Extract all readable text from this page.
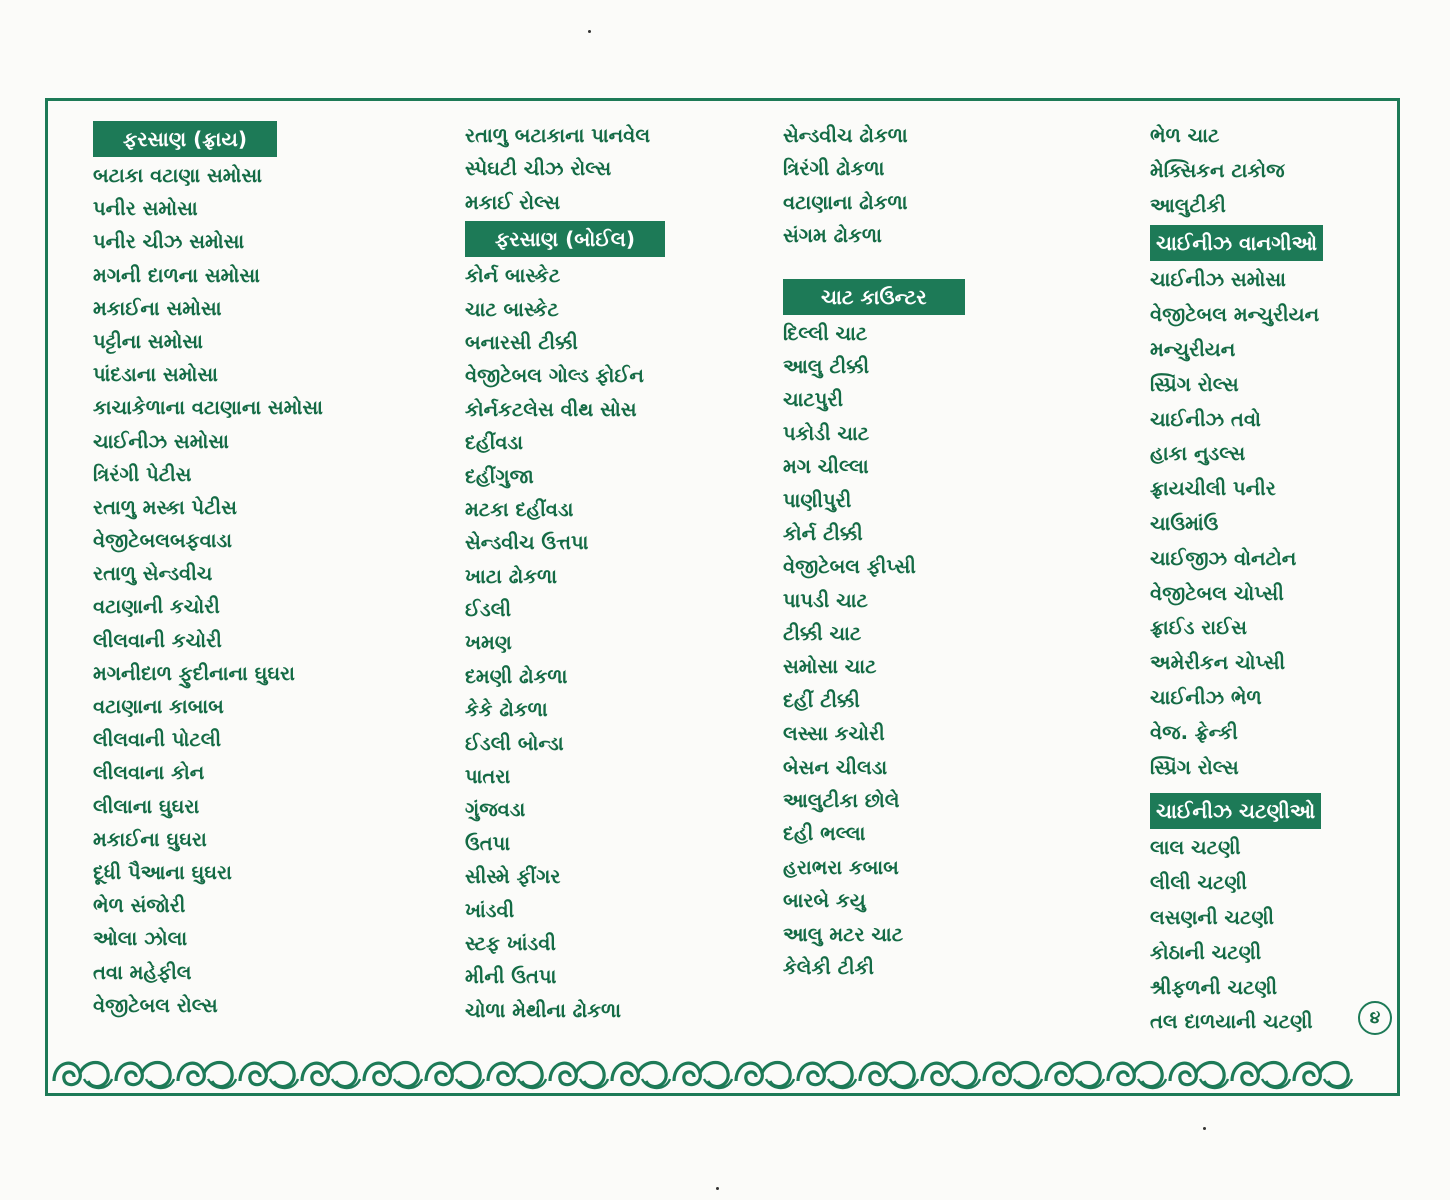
ફરસાણ (ફ્રાય)
બટાકા વટાણા સમોસા
પનીર સમોસા
પનીર ચીઝ સમોસા
મગની દાળના સમોસા
મકાઈના સમોસા
પટ્ટીના સમોસા
પાંદડાના સમોસા
કાચાકેળાના વટાણાના સમોસા
ચાઈનીઝ સમોસા
ત્રિરંગી પેટીસ
રતાળુ મસ્કા પેટીસ
વેજીટેબલબફવાડા
રતાળુ સેન્ડવીચ
વટાણાની કચોરી
લીલવાની કચોરી
મગનીદાળ ફુદીનાના ઘુઘરા
વટાણાના કાબાબ
લીલવાની પોટલી
લીલવાના કોન
લીલાના ઘુઘરા
મકાઈના ઘુઘરા
દૂધી પૈઆના ઘુઘરા
ભેળ સંજોરી
ઓલા ઝોલા
તવા મહેફીલ
વેજીટેબલ રોલ્સ
રતાળુ બટાકાના પાનવેલ
સ્પેઘટી ચીઝ રોલ્સ
મકાઈ રોલ્સ
ફરસાણ (બોઈલ)
કોર્ન બાસ્કેટ
ચાટ બાસ્કેટ
બનારસી ટીક્કી
વેજીટેબલ ગોલ્ડ ફોઈન
કોર્નકટલેસ વીથ સોસ
દહીંવડા
દહીંગુજા
મટકા દહીંવડા
સેન્ડવીચ ઉત્તપા
ખાટા ઢોકળા
ઈડલી
ખમણ
દમણી ઢોકળા
કેકે ઢોકળા
ઈડલી બોન્ડા
પાતરા
ગુંજવડા
ઉતપા
સીસ્મે ફીંગર
ખાંડવી
સ્ટફ ખાંડવી
મીની ઉતપા
ચોળા મેથીના ઢોકળા
સેન્ડવીચ ઢોકળા
ત્રિરંગી ઢોકળા
વટાણાના ઢોકળા
સંગમ ઢોકળા
ચાટ કાઉન્ટર
દિલ્લી ચાટ
આલુ ટીક્કી
ચાટપુરી
પકોડી ચાટ
મગ ચીલ્લા
પાણીપુરી
કોર્ન ટીક્કી
વેજીટેબલ ફીપ્સી
પાપડી ચાટ
ટીક્કી ચાટ
સમોસા ચાટ
દહીં ટીક્કી
લસ્સા કચોરી
બેસન ચીલડા
આલુટીકા છોલે
દહી ભલ્લા
હરાભરા કબાબ
બારબે કયુ
આલુ મટર ચાટ
કેલેકી ટીકી
ભેળ ચાટ
મેક્સિકન ટાકોજ
આલુટીકી
ચાઈનીઝ વાનગીઓ
ચાઈનીઝ સમોસા
વેજીટેબલ મન્ચુરીયન
મન્ચુરીયન
સ્પ્રિંગ રોલ્સ
ચાઈનીઝ તવો
હાકા નુડલ્સ
ફ્રાયચીલી પનીર
ચાઉમાંઉ
ચાઈજીઝ વોનટોન
વેજીટેબલ ચોપ્સી
ફ્રાઈડ રાઈસ
અમેરીકન ચોપ્સી
ચાઈનીઝ ભેળ
વેજ. ફ્રેન્કી
સ્પ્રિંગ રોલ્સ
ચાઈનીઝ ચટણીઓ
લાલ ચટણી
લીલી ચટણી
લસણની ચટણી
કોઠાની ચટણી
શ્રીફળની ચટણી
તલ દાળયાની ચટણી	૪
